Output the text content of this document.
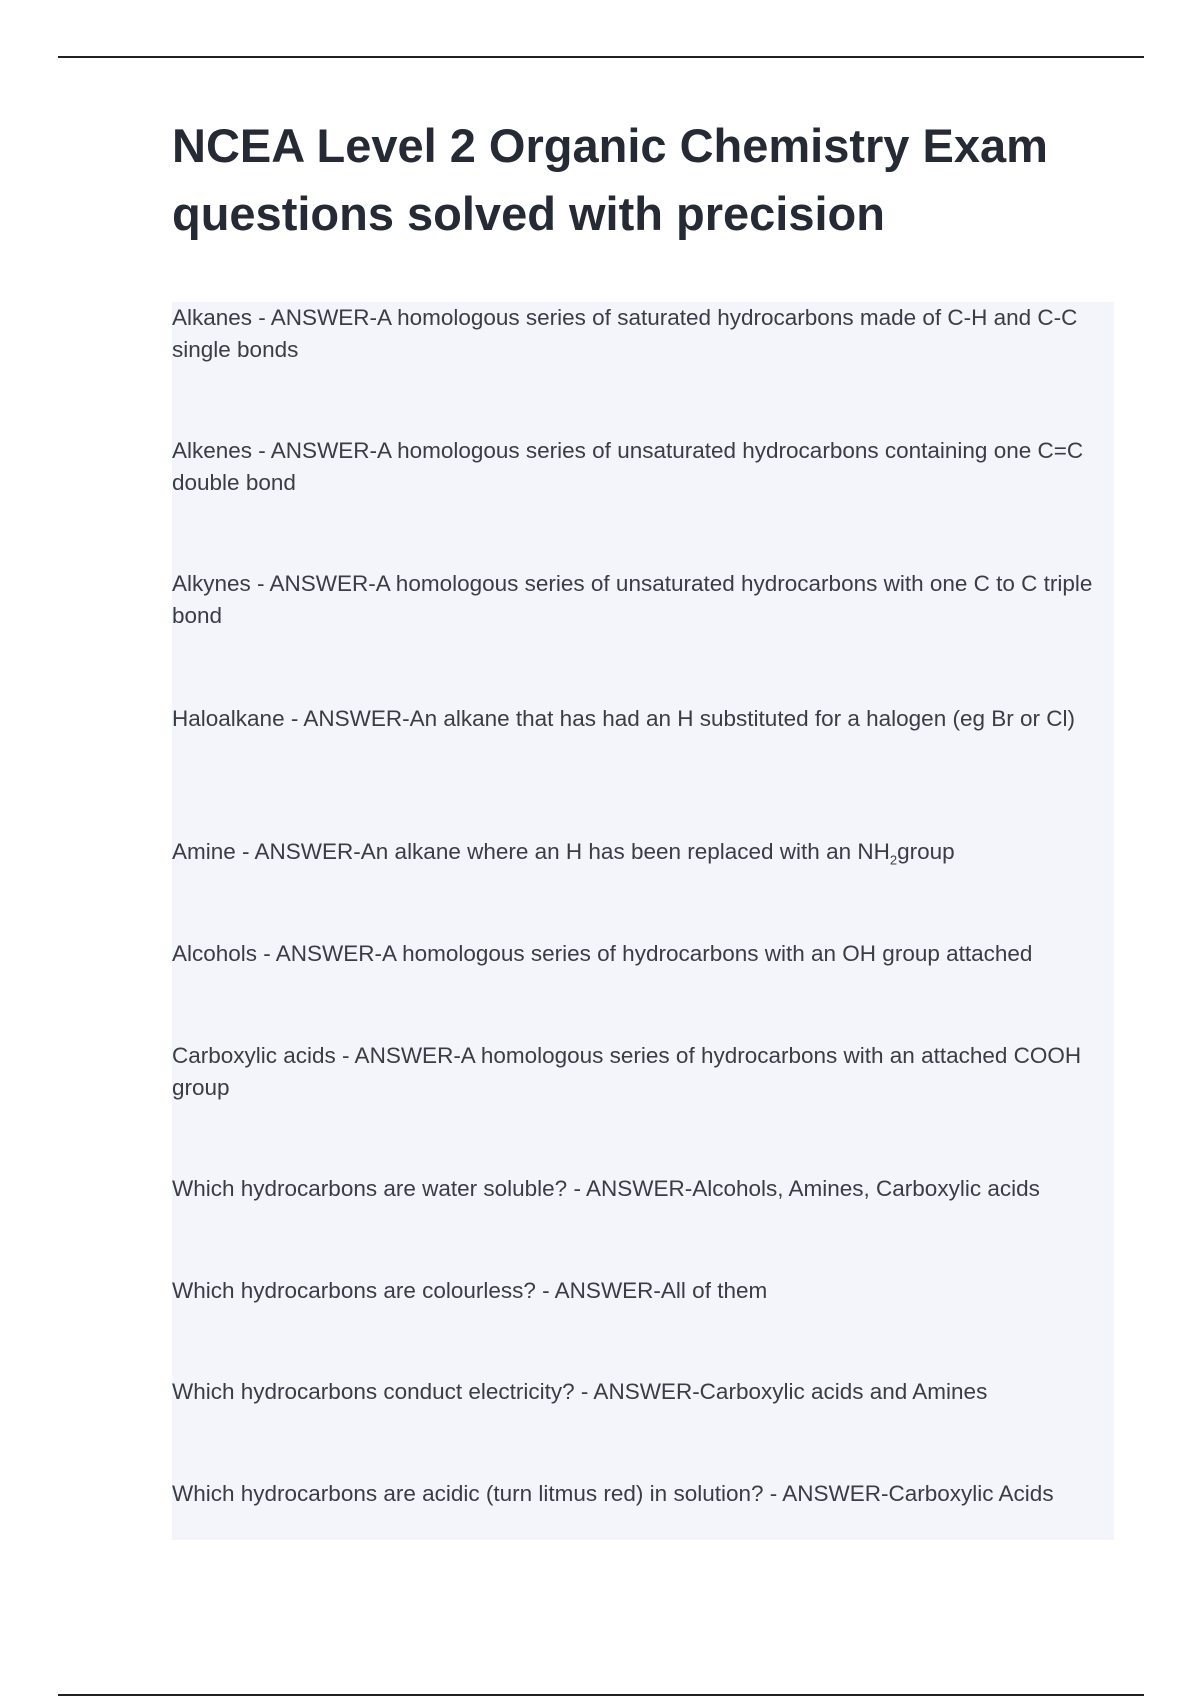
NCEA Level 2 Organic Chemistry Exam questions solved with precision

Alkanes - ANSWER-A homologous series of saturated hydrocarbons made of C-H and C-C single bonds

Alkenes - ANSWER-A homologous series of unsaturated hydrocarbons containing one C=C double bond

Alkynes - ANSWER-A homologous series of unsaturated hydrocarbons with one C to C triple bond

Haloalkane - ANSWER-An alkane that has had an H substituted for a halogen (eg Br or Cl)

Amine - ANSWER-An alkane where an H has been replaced with an $NH_2group$

Alcohols - ANSWER-A homologous series of hydrocarbons with an OH group attached

Carboxylic acids - ANSWER-A homologous series of hydrocarbons with an attached COOH group

Which hydrocarbons are water soluble? - ANSWER-Alcohols, Amines, Carboxylic acids

Which hydrocarbons are colourless? - ANSWER-All of them

Which hydrocarbons conduct electricity? - ANSWER-Carboxylic acids and Amines

Which hydrocarbons are acidic (turn litmus red) in solution? - ANSWER-Carboxylic Acids
